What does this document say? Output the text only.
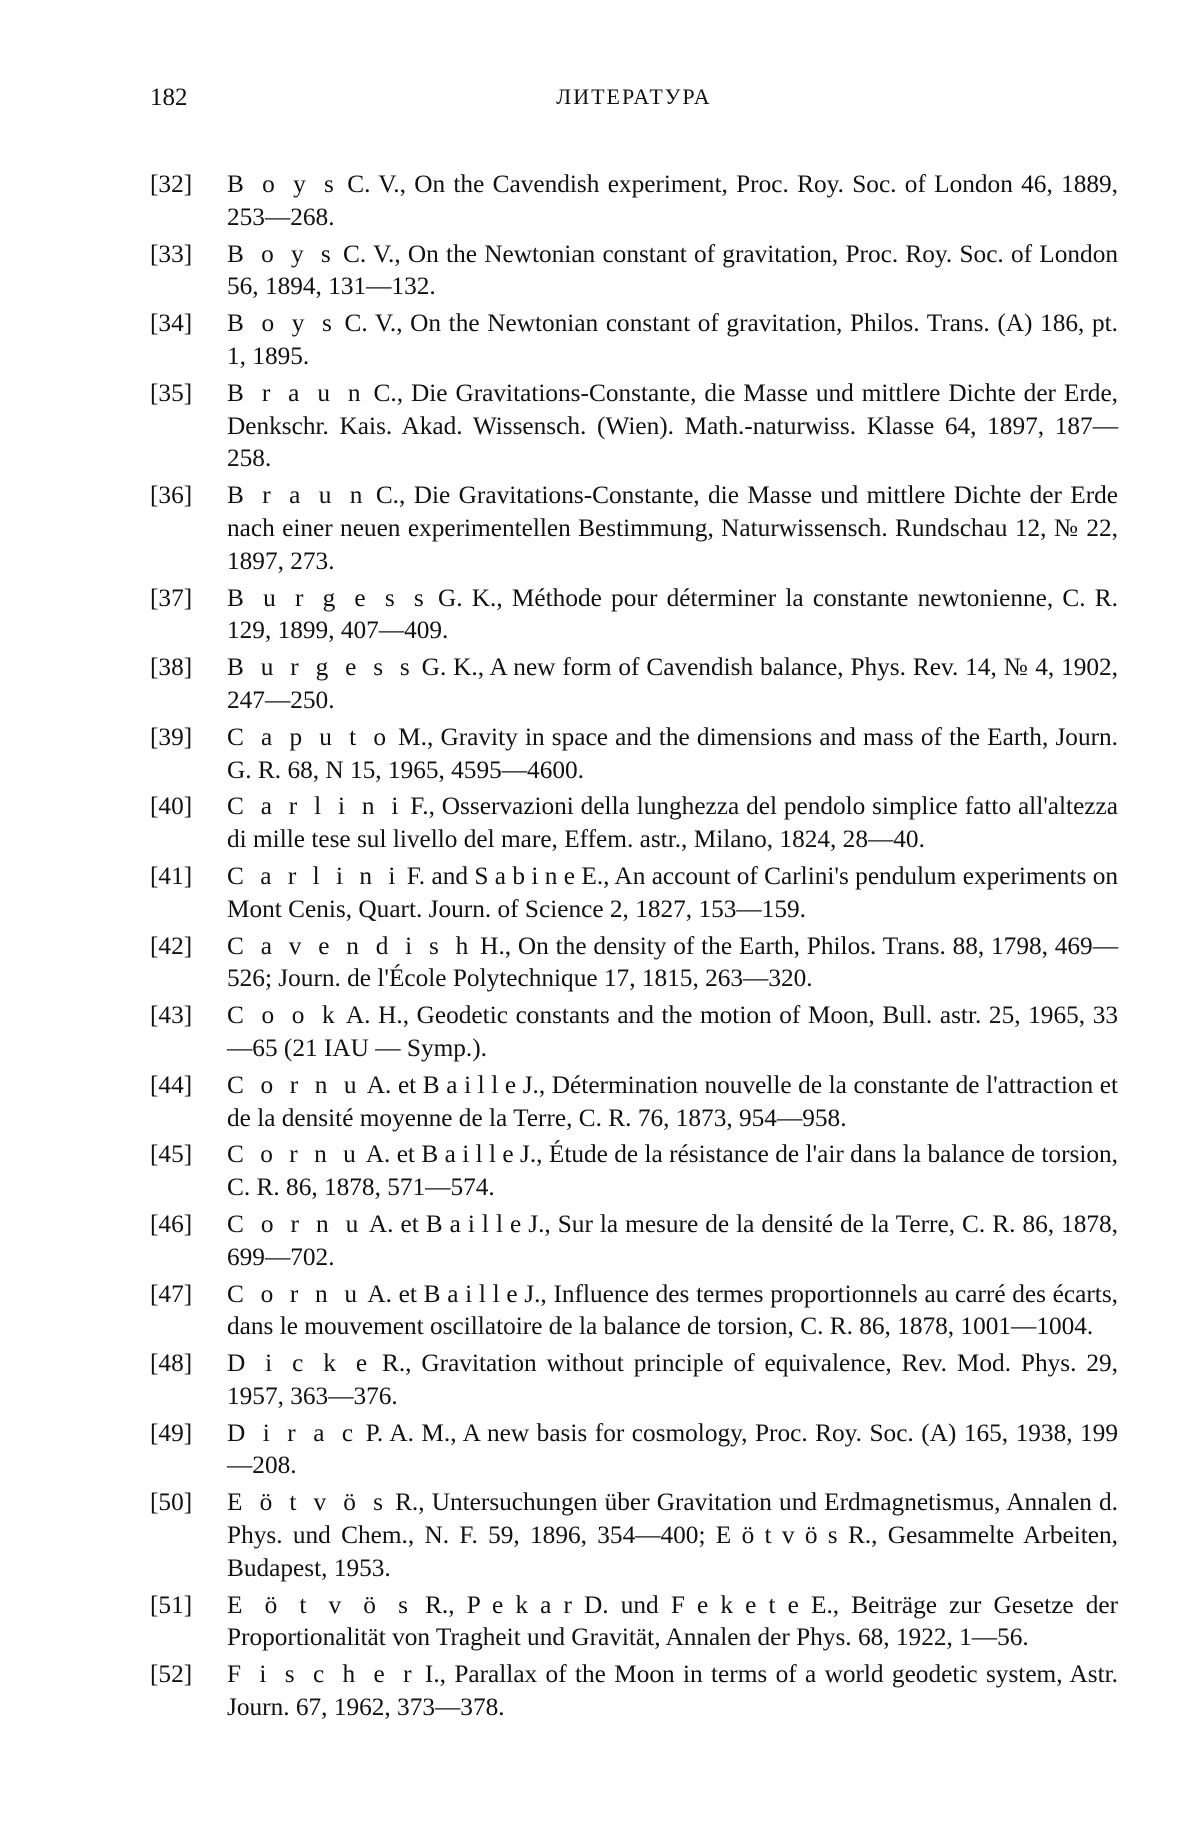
182	ЛИТЕРАТУРА
[32]	B o y s C. V., On the Cavendish experiment, Proc. Roy. Soc. of London 46, 1889, 253—268.
[33]	B o y s C. V., On the Newtonian constant of gravitation, Proc. Roy. Soc. of London 56, 1894, 131—132.
[34]	B o y s C. V., On the Newtonian constant of gravitation, Philos. Trans. (A) 186, pt. 1, 1895.
[35]	B r a u n C., Die Gravitations-Constante, die Masse und mittlere Dichte der Erde, Denkschr. Kais. Akad. Wissensch. (Wien). Math.-naturwiss. Klasse 64, 1897, 187—258.
[36]	B r a u n C., Die Gravitations-Constante, die Masse und mittlere Dichte der Erde nach einer neuen experimentellen Bestimmung, Naturwissensch. Rundschau 12, № 22, 1897, 273.
[37]	B u r g e s s G. K., Méthode pour déterminer la constante newtonienne, C. R. 129, 1899, 407—409.
[38]	B u r g e s s G. K., A new form of Cavendish balance, Phys. Rev. 14, № 4, 1902, 247—250.
[39]	C a p u t o M., Gravity in space and the dimensions and mass of the Earth, Journ. G. R. 68, N 15, 1965, 4595—4600.
[40]	C a r l i n i F., Osservazioni della lunghezza del pendolo simplice fatto all'altezza di mille tese sul livello del mare, Effem. astr., Milano, 1824, 28—40.
[41]	C a r l i n i F. and S a b i n e E., An account of Carlini's pendulum experiments on Mont Cenis, Quart. Journ. of Science 2, 1827, 153—159.
[42]	C a v e n d i s h H., On the density of the Earth, Philos. Trans. 88, 1798, 469—526; Journ. de l'École Polytechnique 17, 1815, 263—320.
[43]	C o o k A. H., Geodetic constants and the motion of Moon, Bull. astr. 25, 1965, 33—65 (21 IAU — Symp.).
[44]	C o r n u A. et B a i l l e J., Détermination nouvelle de la constante de l'attraction et de la densité moyenne de la Terre, C. R. 76, 1873, 954—958.
[45]	C o r n u A. et B a i l l e J., Étude de la résistance de l'air dans la balance de torsion, C. R. 86, 1878, 571—574.
[46]	C o r n u A. et B a i l l e J., Sur la mesure de la densité de la Terre, C. R. 86, 1878, 699—702.
[47]	C o r n u A. et B a i l l e J., Influence des termes proportionnels au carré des écarts, dans le mouvement oscillatoire de la balance de torsion, C. R. 86, 1878, 1001—1004.
[48]	D i c k e R., Gravitation without principle of equivalence, Rev. Mod. Phys. 29, 1957, 363—376.
[49]	D i r a c P. A. M., A new basis for cosmology, Proc. Roy. Soc. (A) 165, 1938, 199—208.
[50]	E ö t v ö s R., Untersuchungen über Gravitation und Erdmagnetismus, Annalen d. Phys. und Chem., N. F. 59, 1896, 354—400; E ö t v ö s R., Gesammelte Arbeiten, Budapest, 1953.
[51]	E ö t v ö s R., P e k a r D. und F e k e t e E., Beiträge zur Gesetze der Proportionalität von Tragheit und Gravität, Annalen der Phys. 68, 1922, 1—56.
[52]	F i s c h e r I., Parallax of the Moon in terms of a world geodetic system, Astr. Journ. 67, 1962, 373—378.
